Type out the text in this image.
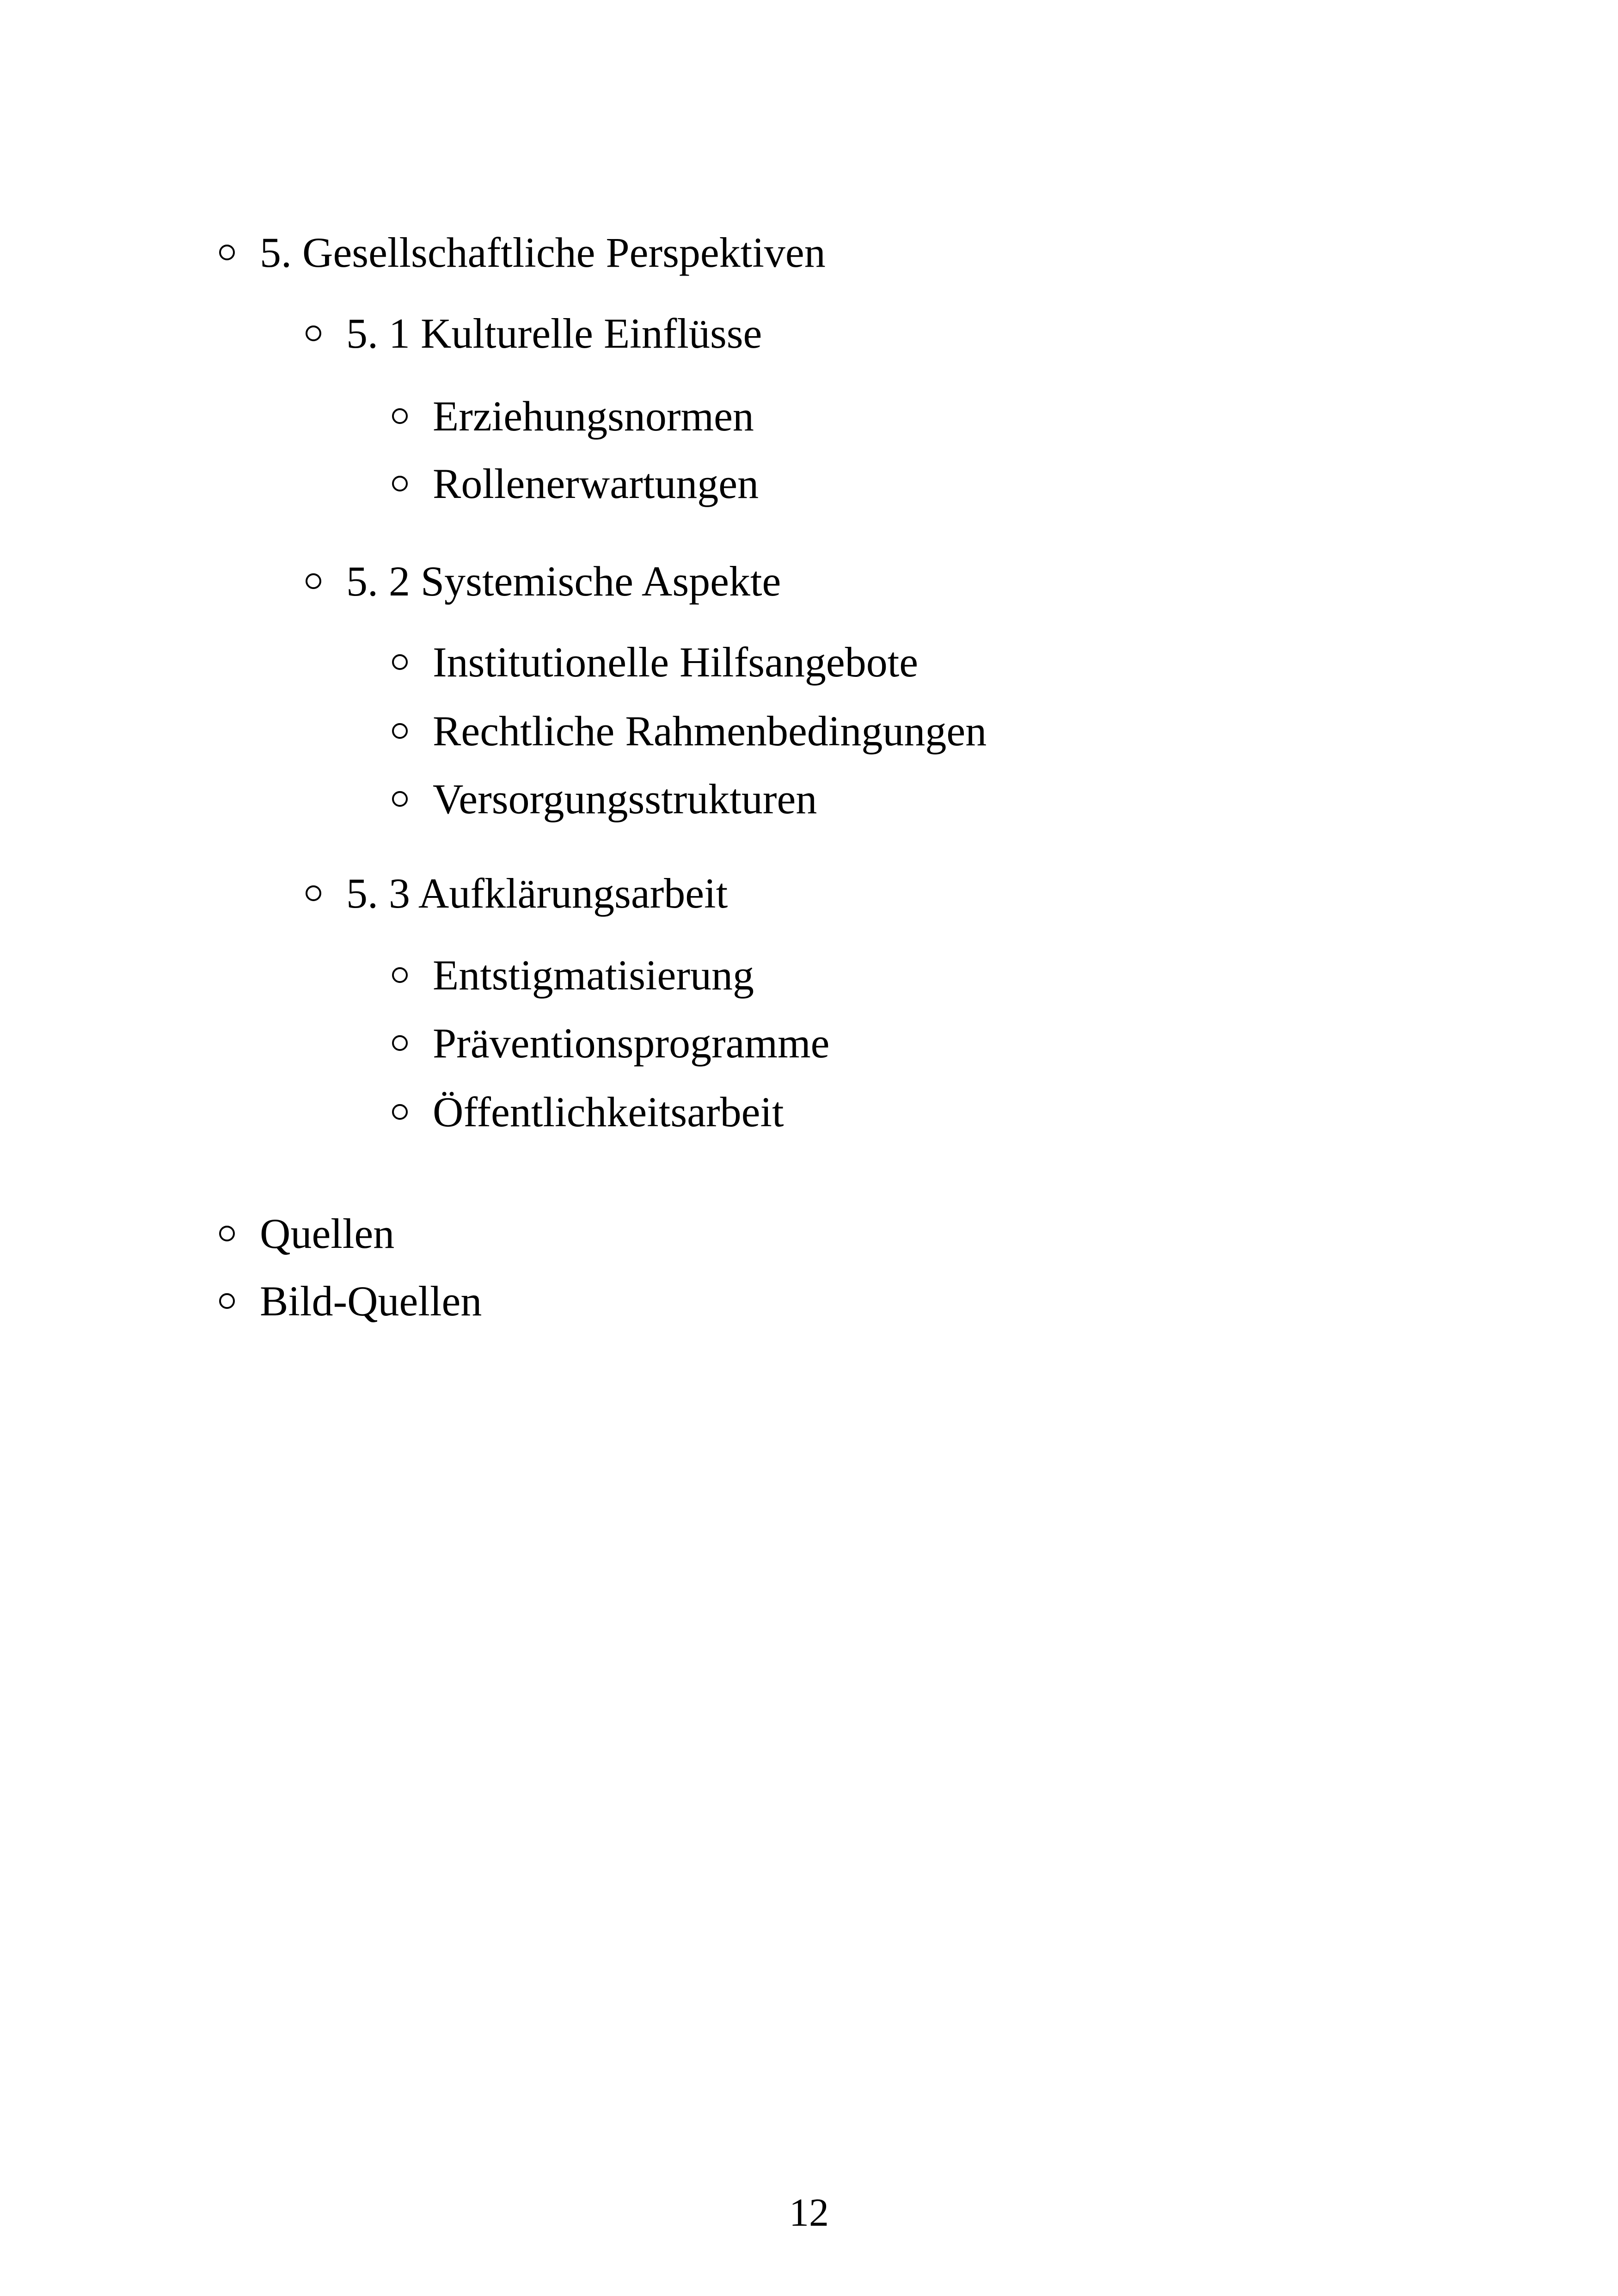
5. Gesellschaftliche Perspektiven
5. 1 Kulturelle Einflüsse
Erziehungsnormen
Rollenerwartungen
5. 2 Systemische Aspekte
Institutionelle Hilfsangebote
Rechtliche Rahmenbedingungen
Versorgungsstrukturen
5. 3 Aufklärungsarbeit
Entstigmatisierung
Präventionsprogramme
Öffentlichkeitsarbeit
Quellen
Bild-Quellen
12
